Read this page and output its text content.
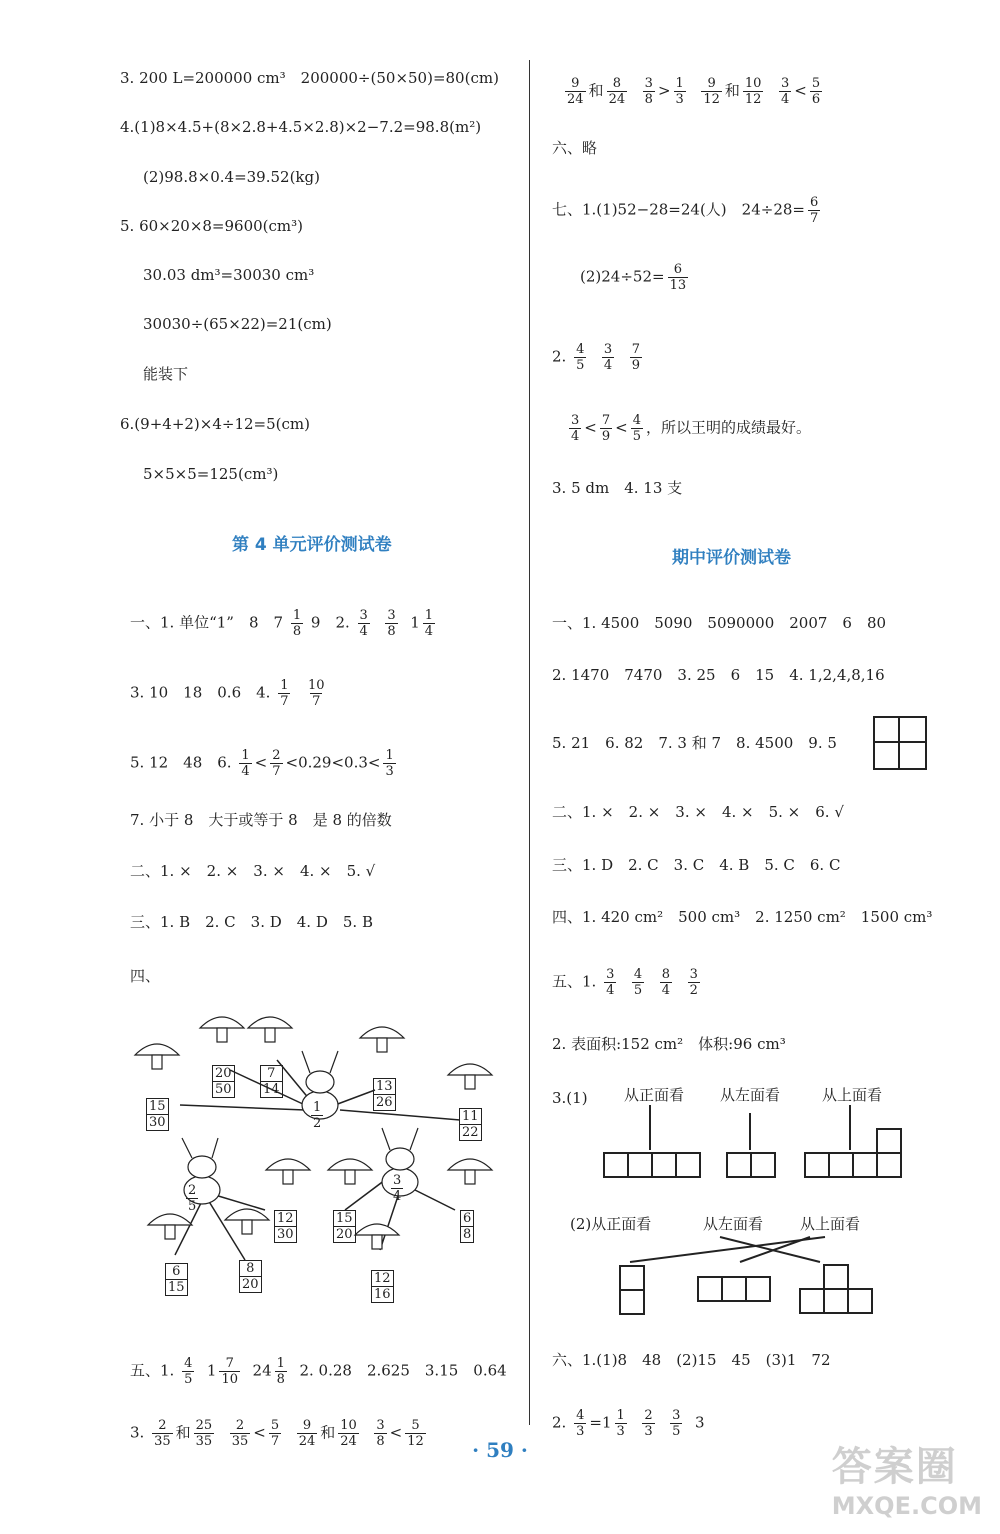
3. 200 L=200000 cm³　200000÷(50×50)=80(cm)
4.(1)8×4.5+(8×2.8+4.5×2.8)×2−7.2=98.8(m²)
(2)98.8×0.4=39.52(kg)
5. 60×20×8=9600(cm³)
30.03 dm³=30030 cm³
30030÷(65×22)=21(cm)
能装下
6.(9+4+2)×4÷12=5(cm)
5×5×5=125(cm³)
第 4 单元评价测试卷
一、1. 单位“1”　8　$7 \frac{1}{8} 9$　2. $\frac{3}{4}$
$\frac{3}{8} 1 \frac{1}{4}$
3. 10　18　0.6　4. $\frac{1}{7}$
$\frac{10}{7}$
5. 12　48　6. $\frac{1}{4} < \frac{2}{7} <0.29<0.3< \frac{1}{3}$
7. 小于 8　大于或等于 8　是 8 的倍数
二、1. ×　2. ×　3. ×　4. ×　5. √
三、1. B　2. C　3. D　4. D　5. B
四、
$\frac{20}{50} \frac{7}{14}$	$\frac{13}{26}$
$\frac{15}{30}$	$\frac{1}{2}$	$\frac{11}{22}$
$\frac{2}{5}$	$\frac{3}{4}$
$\frac{12}{30}$	$\frac{15}{20}$	$\frac{6}{8}$
$\frac{8}{20}$
$\frac{6}{15}$	$\frac{12}{16}$
五、1. $\frac{4}{5} 1 \frac{7}{10} 24 \frac{1}{8} 2$. 0.28　2.625　3.15　0.64
3. $\frac{2}{35}$ 和 $\frac{25}{35}$
$\frac{2}{35} < \frac{5}{7}$
$\frac{9}{24}$ 和 $\frac{10}{24}$
$\frac{3}{8} < \frac{5}{12}$
$\frac{9}{24}$ 和 $\frac{8}{24}$
$\frac{3}{8} > \frac{1}{3}$
$\frac{9}{12}$ 和 $\frac{10}{12}$
$\frac{3}{4} < \frac{5}{6}$
六、略
七、1.(1)52−28=24(人)　$24\div 28= \frac{6}{7}$
$(2)24\div 52= \frac{6}{13}$
2. $\frac{4}{5}$
$\frac{3}{4}$
$\frac{7}{9}$
$\frac{3}{4} < \frac{7}{9} < \frac{4}{5}$ ，所以王明的成绩最好。
3. 5 dm　4. 13 支
期中评价测试卷
一、1. 4500　5090　5090000　2007　6　80
2. 1470　7470　3. 25　6　15　4. 1,2,4,8,16
5. 21　6. 82　7. 3 和 7　8. 4500　9. 5
二、1. ×　2. ×　3. ×　4. ×　5. ×　6. √
三、1. D　2. C　3. C　4. B　5. C　6. C
四、1. 420 cm²　500 cm³　2. 1250 cm²　1500 cm³
五、1. $\frac{3}{4}$
$\frac{4}{5}$
$\frac{8}{4}$
$\frac{3}{2}$
2. 表面积:152 cm²　体积:96 cm³
3.(1) 从正面看 从左面看	从上面看
(2)从正面看	从左面看 从上面看
六、1.(1)8　48　(2)15　45　(3)1　72
2. $\frac{4}{3} =1 \frac{1}{3}$
$\frac{2}{3}$
$\frac{3}{5} 3$
· 59 ·	答案圈
MXQE.COM
